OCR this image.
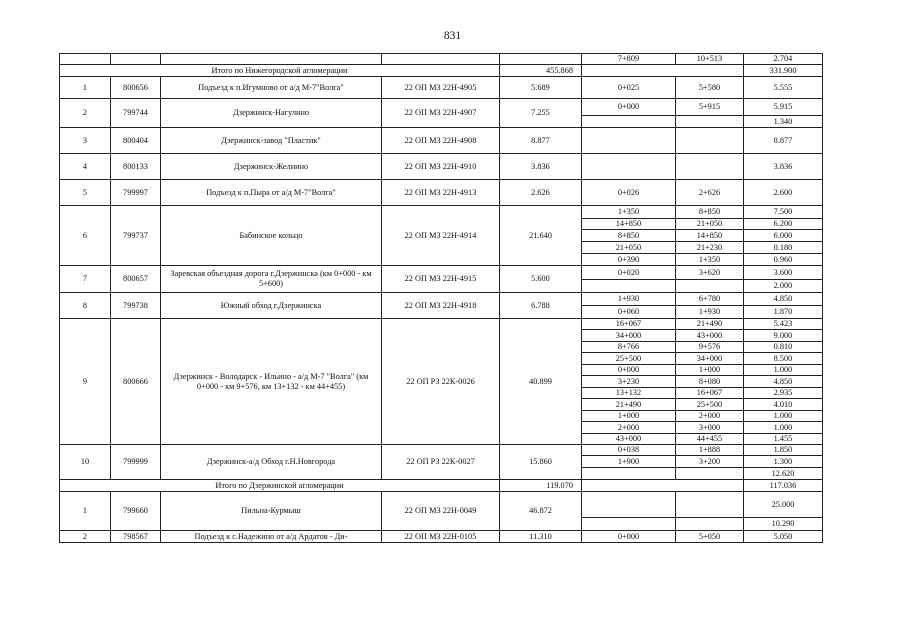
831
					7+809	10+513	2.704
Итого по Нижегородской агломерации				455.868			331.900
1	800656	Подъезд к п.Игумново от а/д М-7"Волга"	22 ОП МЗ 22Н-4905	5.689	0+025	5+580	5.555
2	799744	Дзержинск-Нагулино	22 ОП МЗ 22Н-4907	7.255	0+000	5+915	5.915
							1.340
3	800404	Дзержинск-завод "Пластик"	22 ОП МЗ 22Н-4908	8.877			8.877
4	800133	Дзержинск-Желнино	22 ОП МЗ 22Н-4910	3.836			3.836
5	799997	Подъезд к п.Пыра от а/д М-7"Волга"	22 ОП МЗ 22Н-4913	2.626	0+026	2+626	2.600
6	799737	Бабинское кольцо	22 ОП МЗ 22Н-4914	21.640	1+350	8+850	7.500
					14+850	21+050	6.200
					8+850	14+850	6.000
					21+050	21+230	0.180
					0+390	1+350	0.960
7	800657	Заревская объездная дорога г.Дзержинска (км 0+000 - км 5+600)	22 ОП МЗ 22Н-4915	5.600	0+020	3+620	3.600
							2.000
8	799738	Южный обход г.Дзержинска	22 ОП МЗ 22Н-4918	6.788	1+930	6+780	4.850
					0+060	1+930	1.870
9	800666	Дзержинск - Володарск - Ильино - а/д М-7 "Волга" (км 0+000 - км 9+576, км 13+132 - км 44+455)	22 ОП РЗ 22К-0026	40.899	16+067	21+490	5.423
					34+000	43+000	9.000
					8+766	9+576	0.810
					25+500	34+000	8.500
					0+000	1+000	1.000
					3+230	8+080	4.850
					13+132	16+067	2.935
					21+490	25+500	4.010
					1+000	2+000	1.000
					2+000	3+000	1.000
					43+000	44+455	1.455
10	799999	Дзержинск-а/д Обход г.Н.Новгорода	22 ОП РЗ 22К-0027	15.860	0+038	1+888	1.850
					1+900	3+200	1.300
							12.620
Итого по Дзержинской агломерации				119.070			117.036
1	799660	Пильна-Курмыш	22 ОП МЗ 22Н-0049	46.872			25.000
							10.290
2	798567	Подъезд к с.Надежино от а/д Ардатов - Ди-	22 ОП МЗ 22Н-0105	11.310	0+000	5+050	5.050
